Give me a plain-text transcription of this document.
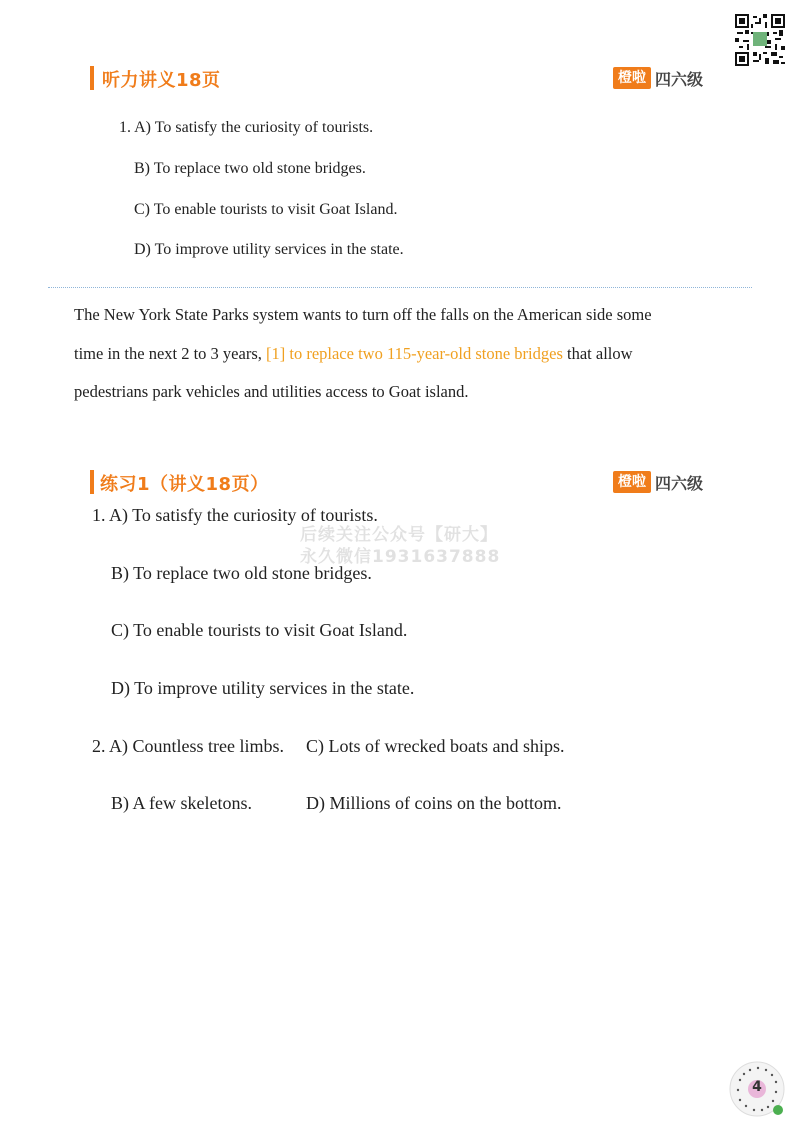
听力讲义18页	橙啦 四六级
1. A) To satisfy the curiosity of tourists.
B) To replace two old stone bridges.
C) To enable tourists to visit Goat Island.
D) To improve utility services in the state.
The New York State Parks system wants to turn off the falls on the American side some
time in the next 2 to 3 years, [1] to replace two 115-year-old stone bridges that allow
pedestrians park vehicles and utilities access to Goat island.
练习1（讲义18页）	橙啦 四六级
1. A) To satisfy the curiosity of tourists.
B) To replace two old stone bridges.
C) To enable tourists to visit Goat Island.
D) To improve utility services in the state.
2. A) Countless tree limbs. C) Lots of wrecked boats and ships.
B) A few skeletons.	D) Millions of coins on the bottom.
后续关注公众号【研大】
永久微信1931637888
4
